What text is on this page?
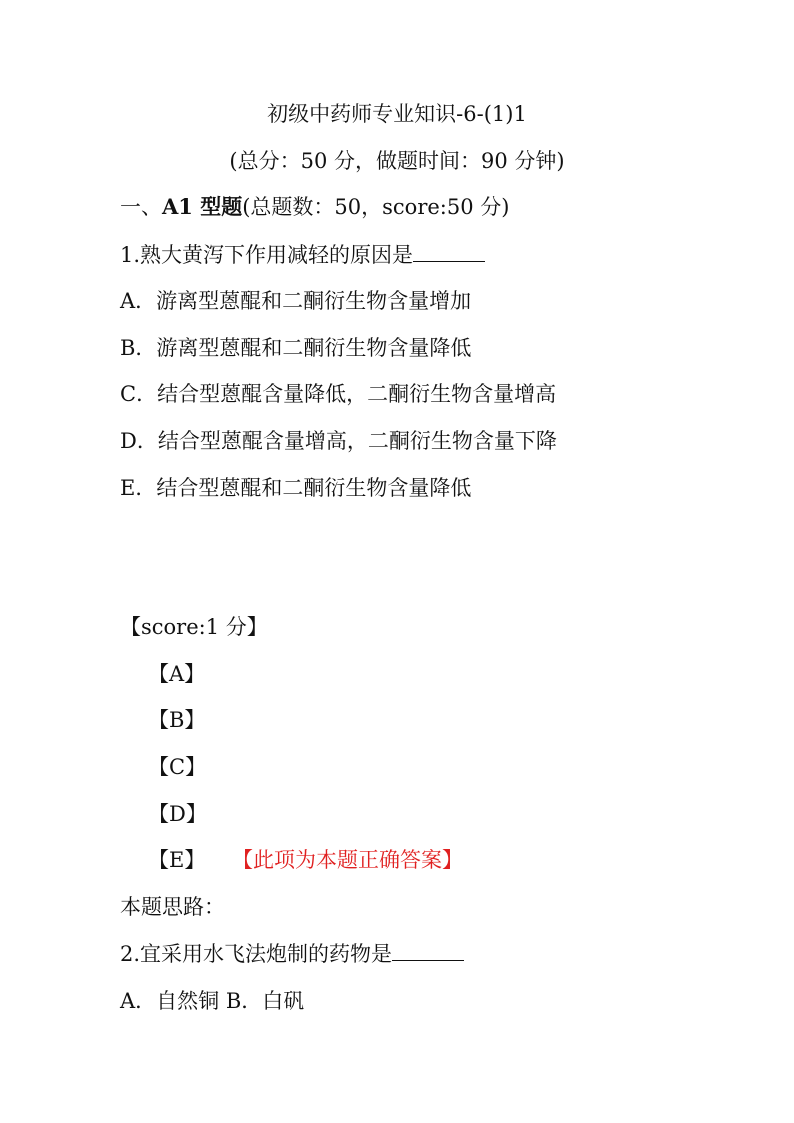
初级中药师专业知识-6-(1)1
(总分：50 分，做题时间：90 分钟)
一、A1 型题(总题数：50，score:50 分)
1.熟大黄泻下作用减轻的原因是
A．游离型蒽醌和二酮衍生物含量增加
B．游离型蒽醌和二酮衍生物含量降低
C．结合型蒽醌含量降低，二酮衍生物含量增高
D．结合型蒽醌含量增高，二酮衍生物含量下降
E．结合型蒽醌和二酮衍生物含量降低
【score:1 分】
【A】
【B】
【C】
【D】
【E】 【此项为本题正确答案】
本题思路：
2.宜采用水飞法炮制的药物是
A．自然铜 B．白矾
